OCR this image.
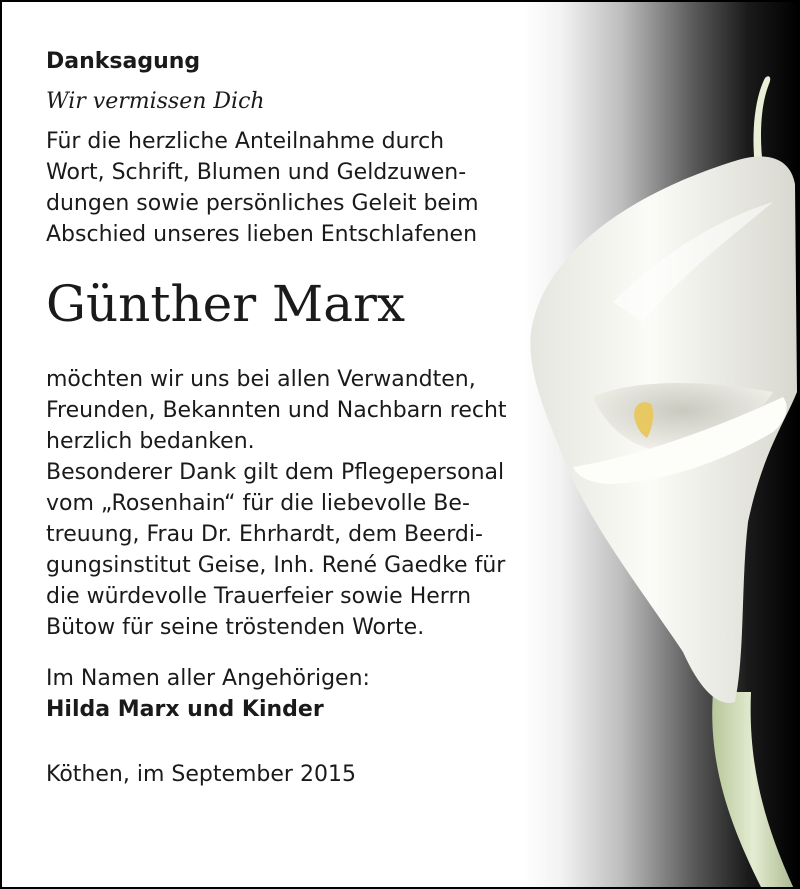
Danksagung

Wir vermissen Dich

Für die herzliche Anteilnahme durch
Wort, Schrift, Blumen und Geldzuwen-
dungen sowie persönliches Geleit beim
Abschied unseres lieben Entschlafenen

Günther Marx

möchten wir uns bei allen Verwandten,
Freunden, Bekannten und Nachbarn recht
herzlich bedanken.
Besonderer Dank gilt dem Pflegepersonal
vom „Rosenhain“ für die liebevolle Be-
treuung, Frau Dr. Ehrhardt, dem Beerdi-
gungsinstitut Geise, Inh. René Gaedke für
die würdevolle Trauerfeier sowie Herrn
Bütow für seine tröstenden Worte.

Im Namen aller Angehörigen:

Hilda Marx und Kinder

Köthen, im September 2015
